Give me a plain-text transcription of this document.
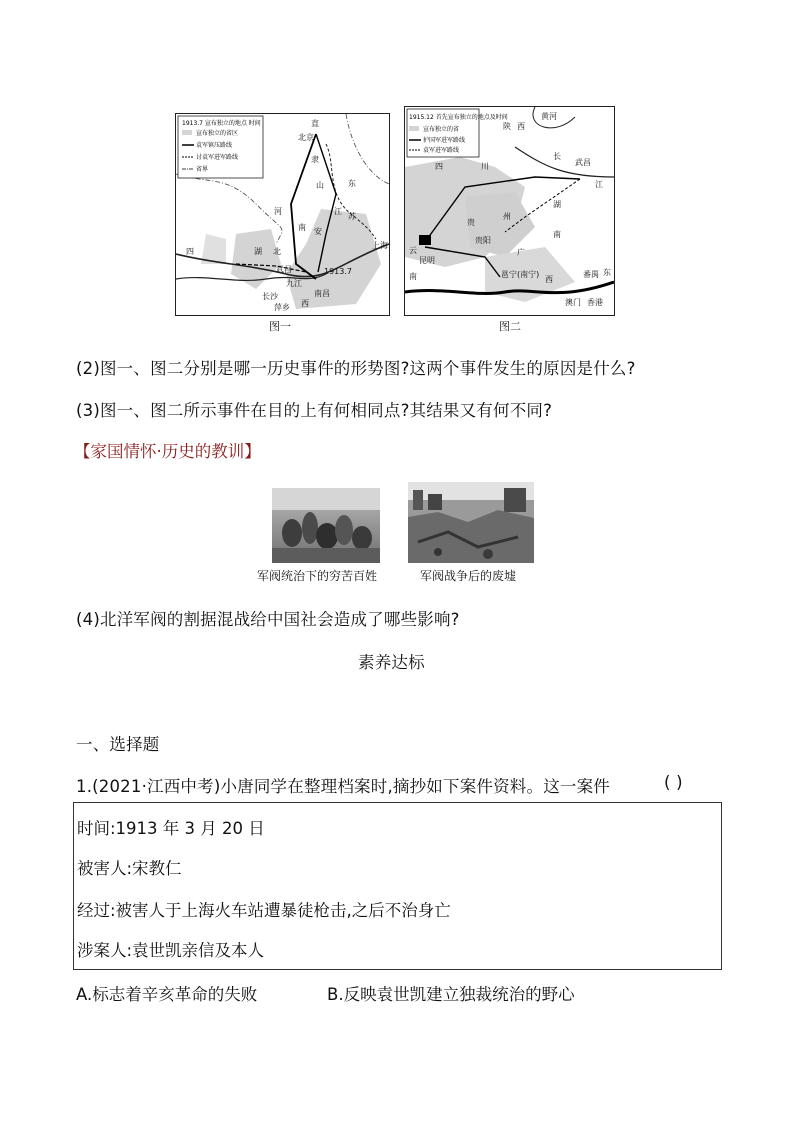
1913.7 宣布独立的地点 时间
宣布独立的省区
袁军镇压路线
讨袁军进军路线
省界
直
北京
隶
东
山
苏
安
江
上海
南
河
湖 北
四
武昌
九江
南昌
长沙
萍乡
1913.7
西
图一
1915.12 首先宣布独立的地点及时间
宣布独立的省
护国军进军路线
袁军进军路线
黄河
陕 西
四	川
长
江
武昌
湖
南
贵
州
贵阳
云
南
昆明
邕宁(南宁)
广
西
香港
东
番禺
澳门
图二
(2)图一、图二分别是哪一历史事件的形势图?这两个事件发生的原因是什么?
(3)图一、图二所示事件在目的上有何相同点?其结果又有何不同?
【家国情怀·历史的教训】
军阀统治下的穷苦百姓	军阀战争后的废墟
(4)北洋军阀的割据混战给中国社会造成了哪些影响?
素养达标
一、选择题
1.(2021·江西中考)小唐同学在整理档案时,摘抄如下案件资料。这一案件	( )
时间:1913 年 3 月 20 日
被害人:宋教仁
经过:被害人于上海火车站遭暴徒枪击,之后不治身亡
涉案人:袁世凯亲信及本人
A.标志着辛亥革命的失败	B.反映袁世凯建立独裁统治的野心
